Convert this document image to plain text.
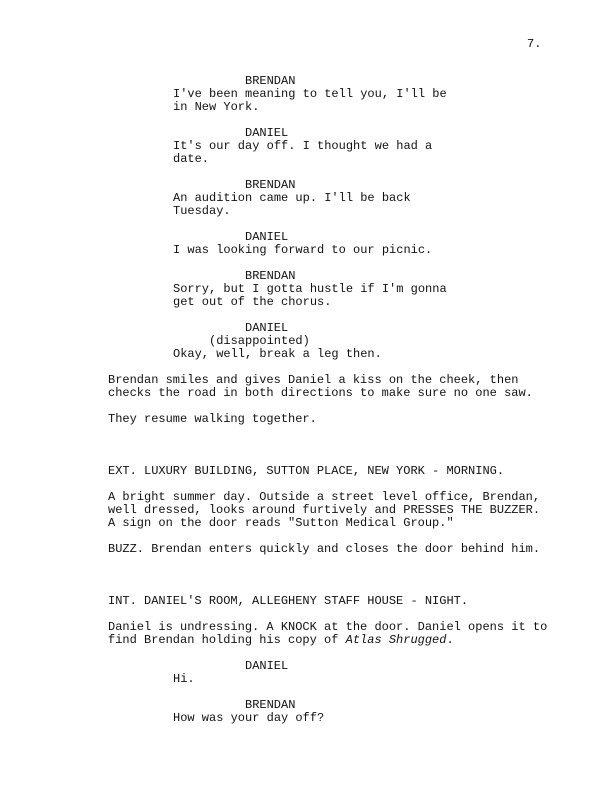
7.
BRENDAN
I've been meaning to tell you, I'll be
in New York.
DANIEL
It's our day off. I thought we had a
date.
BRENDAN
An audition came up. I'll be back
Tuesday.
DANIEL
I was looking forward to our picnic.
BRENDAN
Sorry, but I gotta hustle if I'm gonna
get out of the chorus.
DANIEL
(disappointed)
Okay, well, break a leg then.
Brendan smiles and gives Daniel a kiss on the cheek, then
checks the road in both directions to make sure no one saw.
They resume walking together.
EXT. LUXURY BUILDING, SUTTON PLACE, NEW YORK - MORNING.
A bright summer day. Outside a street level office, Brendan,
well dressed, looks around furtively and PRESSES THE BUZZER.
A sign on the door reads "Sutton Medical Group."
BUZZ. Brendan enters quickly and closes the door behind him.
INT. DANIEL'S ROOM, ALLEGHENY STAFF HOUSE - NIGHT.
Daniel is undressing. A KNOCK at the door. Daniel opens it to
find Brendan holding his copy of Atlas Shrugged.
DANIEL
Hi.
BRENDAN
How was your day off?
